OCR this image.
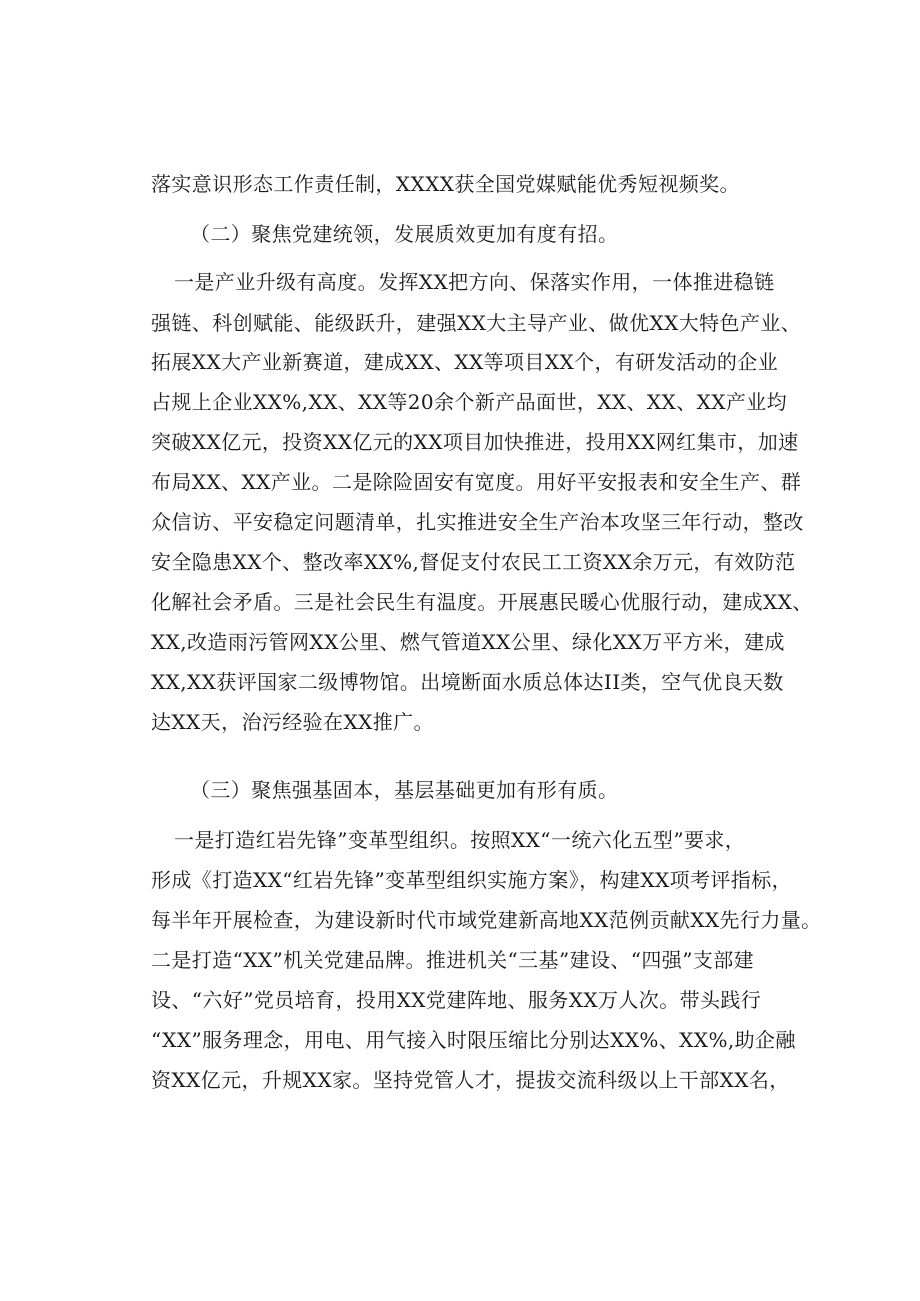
落实意识形态工作责任制，XXXX获全国党媒赋能优秀短视频奖。
（二）聚焦党建统领，发展质效更加有度有招。
一是产业升级有高度。发挥XX把方向、保落实作用，一体推进稳链
强链、科创赋能、能级跃升，建强XX大主导产业、做优XX大特色产业、
拓展XX大产业新赛道，建成XX、XX等项目XX个，有研发活动的企业
占规上企业XX%,XX、XX等20余个新产品面世，XX、XX、XX产业均
突破XX亿元，投资XX亿元的XX项目加快推进，投用XX网红集市，加速
布局XX、XX产业。二是除险固安有宽度。用好平安报表和安全生产、群
众信访、平安稳定问题清单，扎实推进安全生产治本攻坚三年行动，整改
安全隐患XX个、整改率XX%,督促支付农民工工资XX余万元，有效防范
化解社会矛盾。三是社会民生有温度。开展惠民暖心优服行动，建成XX、
XX,改造雨污管网XX公里、燃气管道XX公里、绿化XX万平方米，建成
XX,XX获评国家二级博物馆。出境断面水质总体达II类，空气优良天数
达XX天，治污经验在XX推广。
（三）聚焦强基固本，基层基础更加有形有质。
一是打造红岩先锋”变革型组织。按照XX“一统六化五型”要求，
形成《打造XX“红岩先锋”变革型组织实施方案》，构建XX项考评指标，
每半年开展检查，为建设新时代市域党建新高地XX范例贡献XX先行力量。
二是打造“XX”机关党建品牌。推进机关“三基”建设、“四强”支部建
设、“六好”党员培育，投用XX党建阵地、服务XX万人次。带头践行
“XX”服务理念，用电、用气接入时限压缩比分别达XX%、XX%,助企融
资XX亿元，升规XX家。坚持党管人才，提拔交流科级以上干部XX名，
